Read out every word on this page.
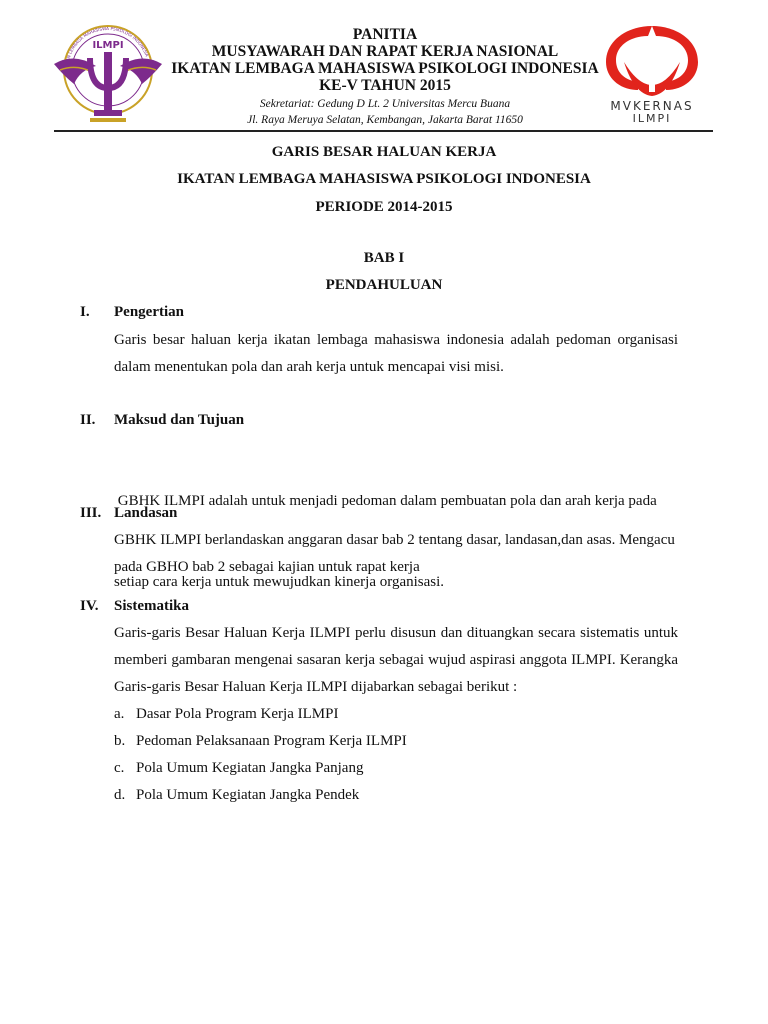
N LEMBAGA MAHASISWA PSIKOLOGI INDONESIA
ILMPI
PANITIA
MUSYAWARAH DAN RAPAT KERJA NASIONAL
IKATAN LEMBAGA MAHASISWA PSIKOLOGI INDONESIA
KE-V TAHUN 2015
Sekretariat: Gedung D Lt. 2 Universitas Mercu Buana
Jl. Raya Meruya Selatan, Kembangan, Jakarta Barat 11650
MVKERNAS
ILMPI
GARIS BESAR HALUAN KERJA
IKATAN LEMBAGA MAHASISWA PSIKOLOGI INDONESIA
PERIODE 2014-2015
BAB I
PENDAHULUAN
I. Pengertian
Garis besar haluan kerja ikatan lembaga mahasiswa indonesia adalah pedoman organisasi
dalam menentukan pola dan arah kerja untuk mencapai visi misi.
II. Maksud dan Tujuan

GBHK ILMPI adalah untuk menjadi pedoman dalam pembuatan pola dan arah kerja pada

setiap cara kerja untuk mewujudkan kinerja organisasi.

III. Landasan
GBHK ILMPI berlandaskan anggaran dasar bab 2 tentang dasar, landasan,dan asas. Mengacu
pada GBHO bab 2 sebagai kajian untuk rapat kerja
IV. Sistematika
Garis-garis Besar Haluan Kerja ILMPI perlu disusun dan dituangkan secara sistematis untuk
memberi gambaran mengenai sasaran kerja sebagai wujud aspirasi anggota ILMPI. Kerangka
Garis-garis Besar Haluan Kerja ILMPI dijabarkan sebagai berikut :
a. Dasar Pola Program Kerja ILMPI
b. Pedoman Pelaksanaan Program Kerja ILMPI
c. Pola Umum Kegiatan Jangka Panjang
d. Pola Umum Kegiatan Jangka Pendek
